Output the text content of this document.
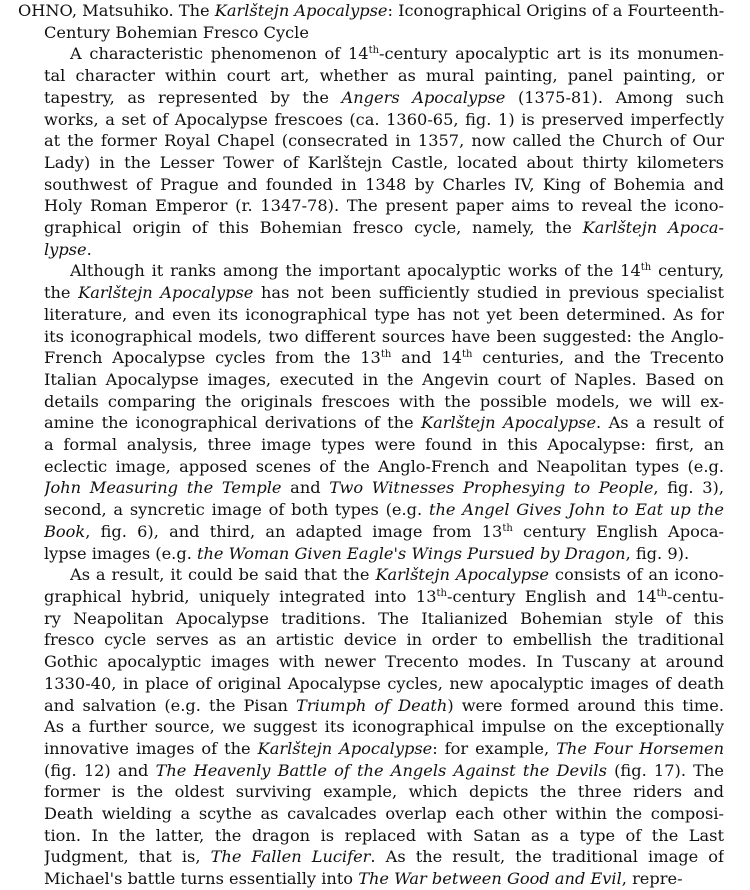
OHNO, Matsuhiko. The Karlštejn Apocalypse: Iconographical Origins of a Fourteenth-
Century Bohemian Fresco Cycle
A characteristic phenomenon of 14th-century apocalyptic art is its monumen-
tal character within court art, whether as mural painting, panel painting, or
tapestry, as represented by the Angers Apocalypse (1375-81). Among such
works, a set of Apocalypse frescoes (ca. 1360-65, fig. 1) is preserved imperfectly
at the former Royal Chapel (consecrated in 1357, now called the Church of Our
Lady) in the Lesser Tower of Karlštejn Castle, located about thirty kilometers
southwest of Prague and founded in 1348 by Charles IV, King of Bohemia and
Holy Roman Emperor (r. 1347-78). The present paper aims to reveal the icono-
graphical origin of this Bohemian fresco cycle, namely, the Karlštejn Apoca-
lypse.
Although it ranks among the important apocalyptic works of the 14th century,
the Karlštejn Apocalypse has not been sufficiently studied in previous specialist
literature, and even its iconographical type has not yet been determined. As for
its iconographical models, two different sources have been suggested: the Anglo-
French Apocalypse cycles from the 13th and 14th centuries, and the Trecento
Italian Apocalypse images, executed in the Angevin court of Naples. Based on
details comparing the originals frescoes with the possible models, we will ex-
amine the iconographical derivations of the Karlštejn Apocalypse. As a result of
a formal analysis, three image types were found in this Apocalypse: first, an
eclectic image, apposed scenes of the Anglo-French and Neapolitan types (e.g.
John Measuring the Temple and Two Witnesses Prophesying to People, fig. 3),
second, a syncretic image of both types (e.g. the Angel Gives John to Eat up the
Book, fig. 6), and third, an adapted image from 13th century English Apoca-
lypse images (e.g. the Woman Given Eagle's Wings Pursued by Dragon, fig. 9).
As a result, it could be said that the Karlštejn Apocalypse consists of an icono-
graphical hybrid, uniquely integrated into 13th-century English and 14th-centu-
ry Neapolitan Apocalypse traditions. The Italianized Bohemian style of this
fresco cycle serves as an artistic device in order to embellish the traditional
Gothic apocalyptic images with newer Trecento modes. In Tuscany at around
1330-40, in place of original Apocalypse cycles, new apocalyptic images of death
and salvation (e.g. the Pisan Triumph of Death) were formed around this time.
As a further source, we suggest its iconographical impulse on the exceptionally
innovative images of the Karlštejn Apocalypse: for example, The Four Horsemen
(fig. 12) and The Heavenly Battle of the Angels Against the Devils (fig. 17). The
former is the oldest surviving example, which depicts the three riders and
Death wielding a scythe as cavalcades overlap each other within the composi-
tion. In the latter, the dragon is replaced with Satan as a type of the Last
Judgment, that is, The Fallen Lucifer. As the result, the traditional image of
Michael's battle turns essentially into The War between Good and Evil, repre-
